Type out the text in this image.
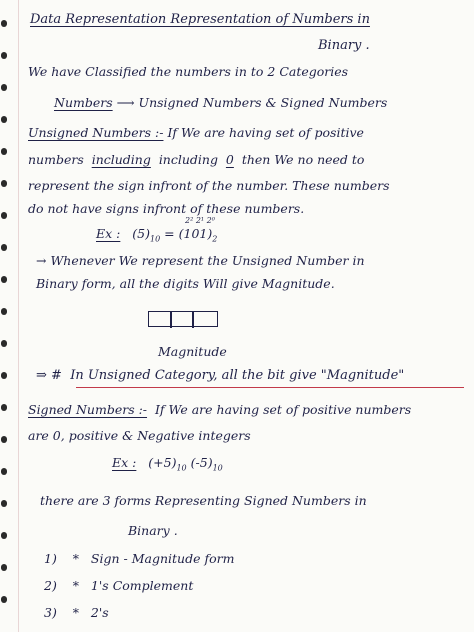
Data Representation Representation of Numbers in
Binary .
We have Classified the numbers in to 2 Categories
Numbers ⟶ Unsigned Numbers & Signed Numbers
Unsigned Numbers :- If We are having set of positive
numbers including including 0 then We no need to
represent the sign infront of the number. These numbers
do not have signs infront of these numbers.
2² 2¹ 2⁰
Ex : $(5)_{10} = (101)_2$
→ Whenever We represent the Unsigned Number in
Binary form, all the digits Will give Magnitude.
Magnitude
⇒ # In Unsigned Category, all the bit give "Magnitude"
Signed Numbers :- If We are having set of positive numbers
are 0, positive & Negative integers
Ex : $(+5)_{10}$ $(-5)_{10}$
there are 3 forms Representing Signed Numbers in
Binary .
1) * Sign - Magnitude form
2) * 1's Complement
3) * 2's
